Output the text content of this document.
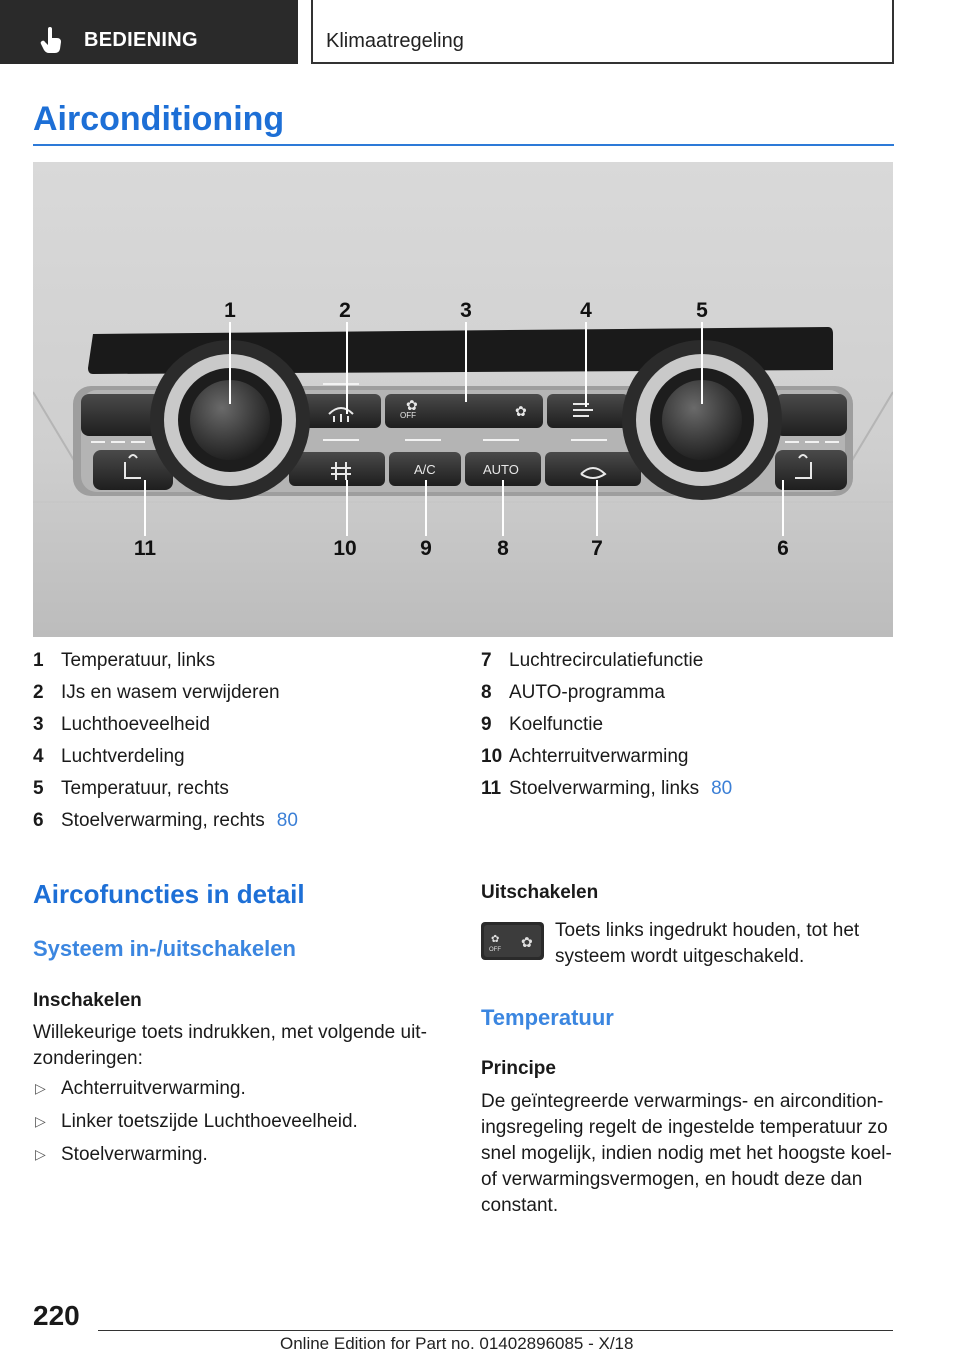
BEDIENING	Klimaatregeling
Airconditioning
A/C	AUTO
OFF
✿	✿
1	2	3	4	5
11	10	9	8	7	6
1 Temperatuur, links
2 IJs en wasem verwijderen
3 Luchthoeveelheid
4 Luchtverdeling
5 Temperatuur, rechts
6 Stoelverwarming, rechts 80
7 Luchtrecirculatiefunctie
8 AUTO-programma
9 Koelfunctie
10 Achterruitverwarming
11 Stoelverwarming, links 80
Aircofuncties in detail
Systeem in-/uitschakelen
Inschakelen
Willekeurige toets indrukken, met volgende uit-
zonderingen:
▷ Achterruitverwarming.
▷ Linker toetszijde Luchthoeveelheid.
▷ Stoelverwarming.
Uitschakelen
✿
OFF ✿
Toets links ingedrukt houden, tot het
systeem wordt uitgeschakeld.
Temperatuur
Principe
De geïntegreerde verwarmings- en aircondition-
ingsregeling regelt de ingestelde temperatuur zo
snel mogelijk, indien nodig met het hoogste koel-
of verwarmingsvermogen, en houdt deze dan
constant.
220
Online Edition for Part no. 01402896085 - X/18
